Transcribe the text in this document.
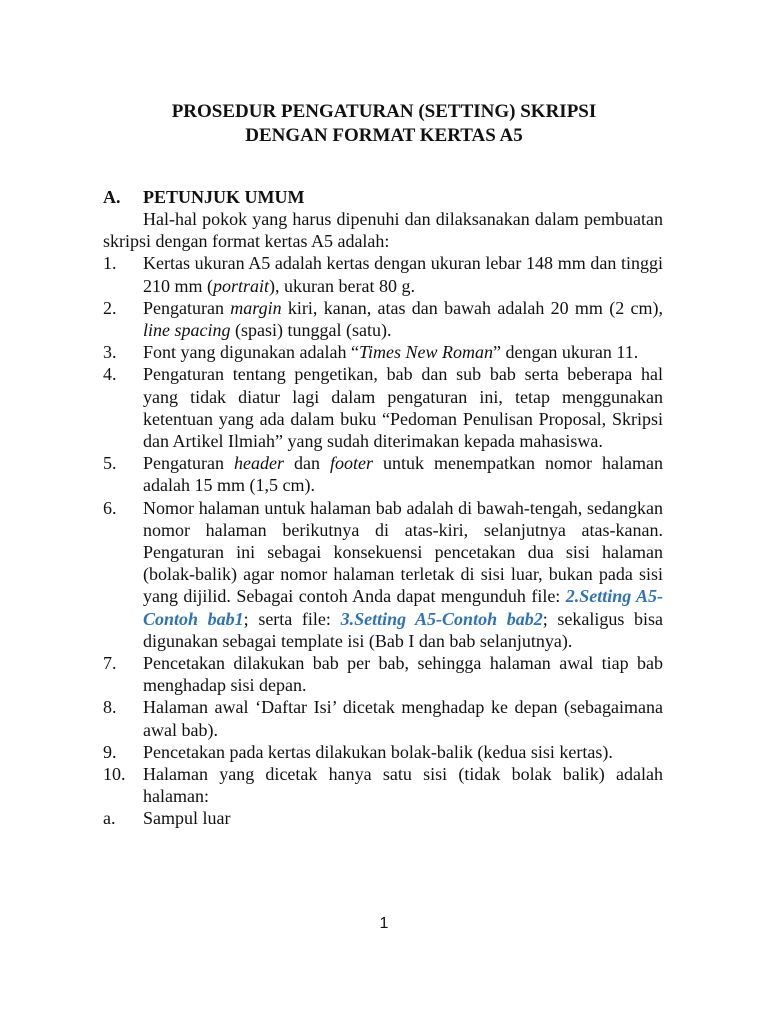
PROSEDUR PENGATURAN (SETTING) SKRIPSI
DENGAN FORMAT KERTAS A5
A. PETUNJUK UMUM
Hal-hal pokok yang harus dipenuhi dan dilaksanakan dalam pembuatan skripsi dengan format kertas A5 adalah:
1. Kertas ukuran A5 adalah kertas dengan ukuran lebar 148 mm dan tinggi 210 mm (portrait), ukuran berat 80 g.
2. Pengaturan margin kiri, kanan, atas dan bawah adalah 20 mm (2 cm), line spacing (spasi) tunggal (satu).
3. Font yang digunakan adalah “Times New Roman” dengan ukuran 11.
4. Pengaturan tentang pengetikan, bab dan sub bab serta beberapa hal yang tidak diatur lagi dalam pengaturan ini, tetap menggunakan ketentuan yang ada dalam buku “Pedoman Penulisan Proposal, Skripsi dan Artikel Ilmiah” yang sudah diterimakan kepada mahasiswa.
5. Pengaturan header dan footer untuk menempatkan nomor halaman adalah 15 mm (1,5 cm).
6. Nomor halaman untuk halaman bab adalah di bawah-tengah, sedangkan nomor halaman berikutnya di atas-kiri, selanjutnya atas-kanan. Pengaturan ini sebagai konsekuensi pencetakan dua sisi halaman (bolak-balik) agar nomor halaman terletak di sisi luar, bukan pada sisi yang dijilid. Sebagai contoh Anda dapat mengunduh file: 2.Setting A5-Contoh bab1; serta file: 3.Setting A5-Contoh bab2; sekaligus bisa digunakan sebagai template isi (Bab I dan bab selanjutnya).
7. Pencetakan dilakukan bab per bab, sehingga halaman awal tiap bab menghadap sisi depan.
8. Halaman awal ‘Daftar Isi’ dicetak menghadap ke depan (sebagaimana awal bab).
9. Pencetakan pada kertas dilakukan bolak-balik (kedua sisi kertas).
10. Halaman yang dicetak hanya satu sisi (tidak bolak balik) adalah halaman:
a. Sampul luar
1
